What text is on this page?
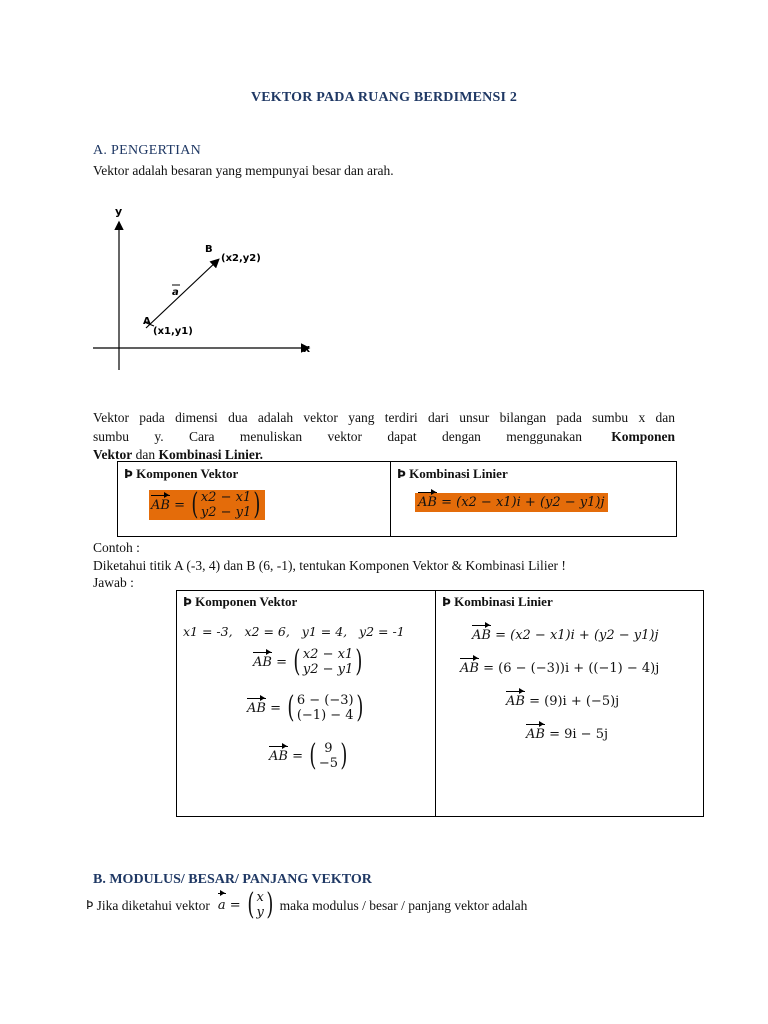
VEKTOR PADA RUANG BERDIMENSI 2
A. PENGERTIAN
Vektor adalah besaran yang mempunyai besar dan arah.
y
x
B
(x2,y2)
A
(x1,y1)
a
Vektor pada dimensi dua adalah vektor yang terdiri dari unsur bilangan pada sumbu x dan
sumbu y. Cara menuliskan vektor dapat dengan menggunakan Komponen
Vektor dan Kombinasi Linier.
Þ Komponen Vektor
AB = ( x2 − x1
y2 − y1 )

Þ Kombinasi Linier
AB = (x2 − x1)i + (y2 − y1)j
Contoh :
Diketahui titik A (-3, 4) dan B (6, -1), tentukan Komponen Vektor & Kombinasi Lilier !
Jawab :
Þ Komponen Vektor
x1 = -3,   x2 = 6,   y1 = 4,   y2 = -1
AB = ( x2 − x1
y2 − y1 )
AB = ( 6 − (−3)
(−1) − 4 )
AB = ( 9
−5 )

Þ Kombinasi Linier
AB = (x2 − x1)i + (y2 − y1)j
AB = (6 − (−3))i + ((−1) − 4)j
AB = (9)i + (−5)j
AB = 9i − 5j
B. MODULUS/ BESAR/ PANJANG VEKTOR
Þ
Jika diketahui vektor a = ( x
y ) maka modulus / besar / panjang vektor adalah
